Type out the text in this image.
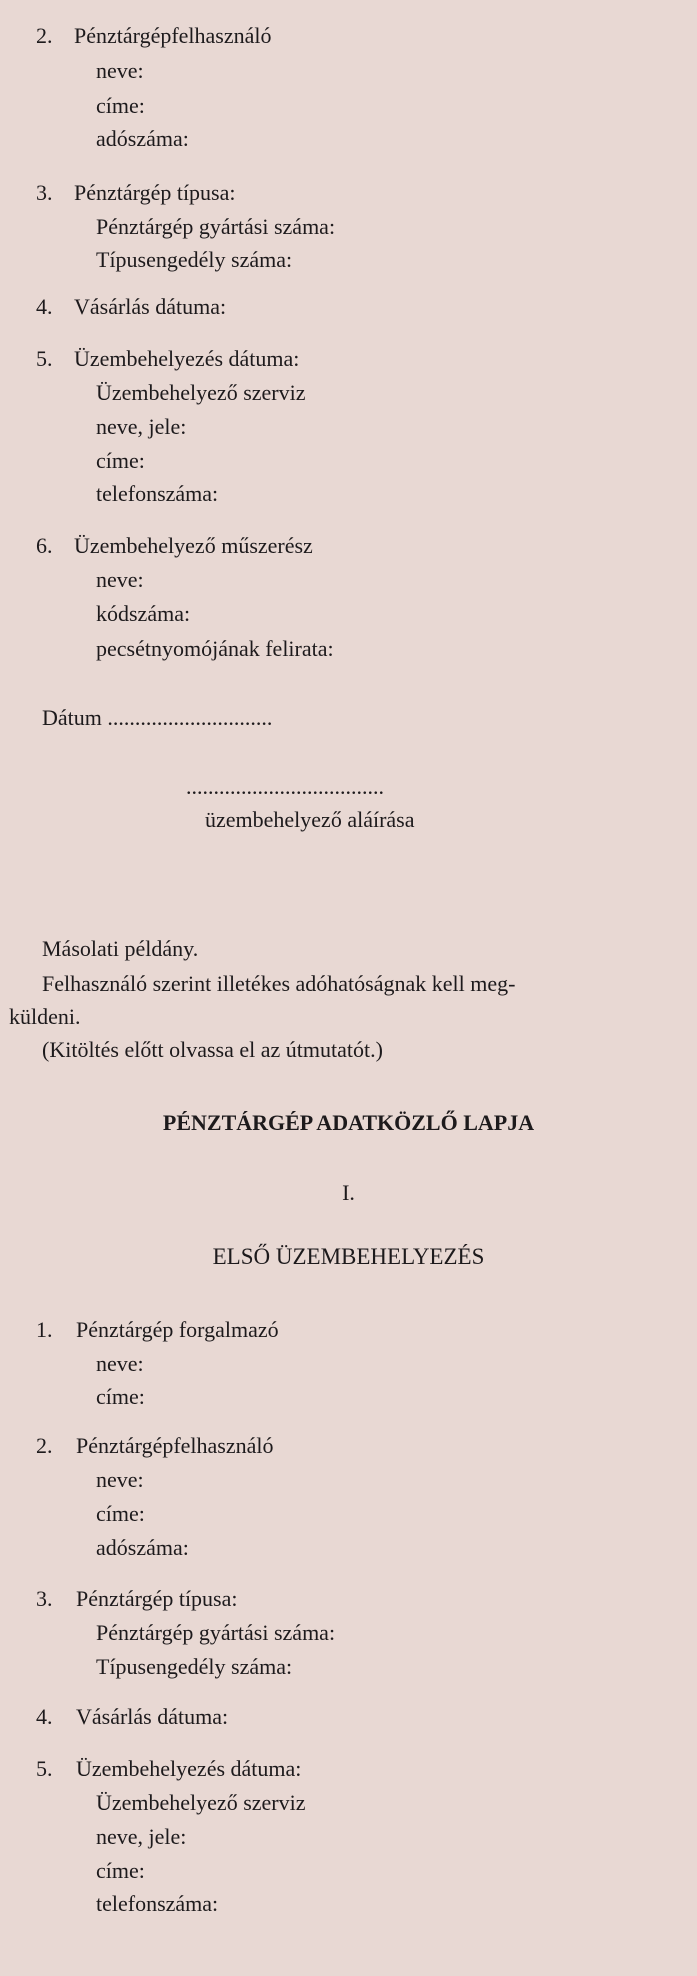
2. Pénztárgépfelhasználó
neve:
címe:
adószáma:
3. Pénztárgép típusa:
Pénztárgép gyártási száma:
Típusengedély száma:
4. Vásárlás dátuma:
5. Üzembehelyezés dátuma:
Üzembehelyező szerviz
neve, jele:
címe:
telefonszáma:
6. Üzembehelyező műszerész
neve:
kódszáma:
pecsétnyomójának felirata:
Dátum ..............................
....................................
üzembehelyező aláírása
Másolati példány.
Felhasználó szerint illetékes adóhatóságnak kell meg-
küldeni.
(Kitöltés előtt olvassa el az útmutatót.)
PÉNZTÁRGÉP ADATKÖZLŐ LAPJA
I.
ELSŐ ÜZEMBEHELYEZÉS
1. Pénztárgép forgalmazó
neve:
címe:
2. Pénztárgépfelhasználó
neve:
címe:
adószáma:
3. Pénztárgép típusa:
Pénztárgép gyártási száma:
Típusengedély száma:
4. Vásárlás dátuma:
5. Üzembehelyezés dátuma:
Üzembehelyező szerviz
neve, jele:
címe:
telefonszáma:
